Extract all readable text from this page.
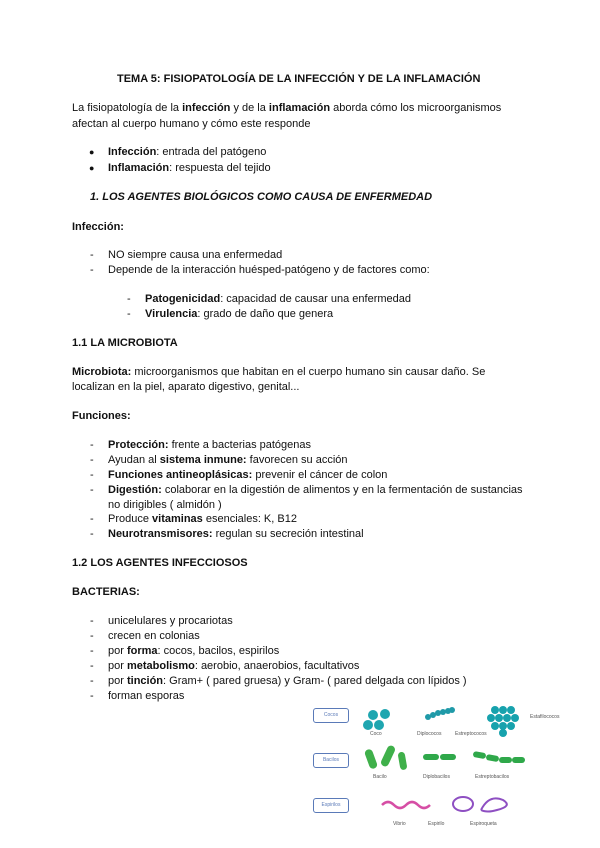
TEMA 5: FISIOPATOLOGÍA DE LA INFECCIÓN Y DE LA INFLAMACIÓN
La fisiopatología de la infección y de la inflamación aborda cómo los microorganismos
afectan al cuerpo humano y cómo este responde
● Infección: entrada del patógeno
● Inflamación: respuesta del tejido
1. LOS AGENTES BIOLÓGICOS COMO CAUSA DE ENFERMEDAD
Infección:
- NO siempre causa una enfermedad
- Depende de la interacción huésped-patógeno y de factores como:
- Patogenicidad: capacidad de causar una enfermedad
- Virulencia: grado de daño que genera
1.1 LA MICROBIOTA
Microbiota: microorganismos que habitan en el cuerpo humano sin causar daño. Se
localizan en la piel, aparato digestivo, genital...
Funciones:
- Protección: frente a bacterias patógenas
- Ayudan al sistema inmune: favorecen su acción
- Funciones antineoplásicas: prevenir el cáncer de colon
- Digestión: colaborar en la digestión de alimentos y en la fermentación de sustancias
no dirigibles ( almidón )
- Produce vitaminas esenciales: K, B12
- Neurotransmisores: regulan su secreción intestinal
1.2 LOS AGENTES INFECCIOSOS
BACTERIAS:
- unicelulares y procariotas
- crecen en colonias
- por forma: cocos, bacilos, espirilos
- por metabolismo: aerobio, anaerobios, facultativos
- por tinción: Gram+ ( pared gruesa) y Gram- ( pared delgada con lípidos )
- forman esporas
Cocos
Bacilos
Espirilos
Coco	Diplococos	Estreptococos
Estafilococos
Bacilo	Diplobacilos	Estreptobacilos
Vibrio	Espirilo	Espiroqueta
